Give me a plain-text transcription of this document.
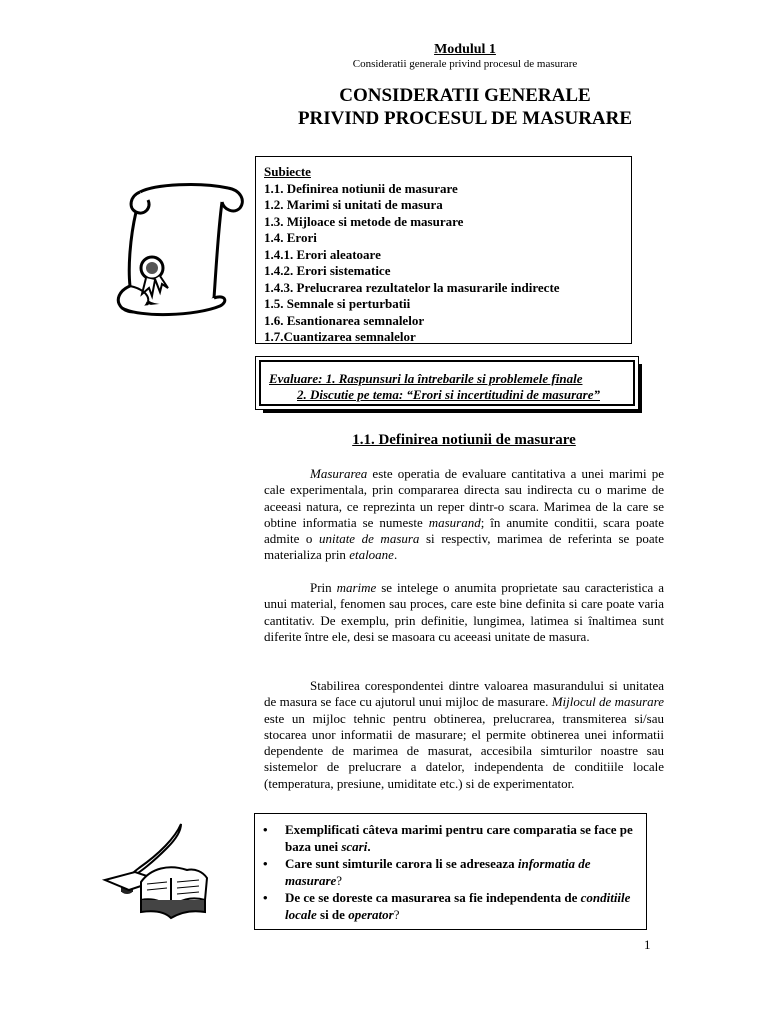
Modulul 1
Consideratii generale privind procesul de masurare
CONSIDERATII GENERALE
PRIVIND PROCESUL DE MASURARE
Subiecte
1.1. Definirea notiunii de masurare
1.2. Marimi si unitati de masura
1.3. Mijloace si metode de masurare
1.4. Erori
1.4.1. Erori aleatoare
1.4.2. Erori sistematice
1.4.3. Prelucrarea rezultatelor la masurarile indirecte
1.5. Semnale si perturbatii
1.6. Esantionarea semnalelor
1.7.Cuantizarea semnalelor
Evaluare: 1. Raspunsuri la întrebarile si problemele finale
2. Discutie pe tema: “Erori si incertitudini de masurare”
1.1. Definirea notiunii de masurare
Masurarea este operatia de evaluare cantitativa a unei marimi pe cale experimentala, prin compararea directa sau indirecta cu o marime de aceeasi natura, ce reprezinta un reper dintr-o scara. Marimea de la care se obtine informatia se numeste masurand; în anumite conditii, scara poate admite o unitate de masura si respectiv, marimea de referinta se poate materializa prin etaloane.
Prin marime se intelege o anumita proprietate sau caracteristica a unui material, fenomen sau proces, care este bine definita si care poate varia cantitativ. De exemplu, prin definitie, lungimea, latimea si înaltimea sunt diferite între ele, desi se masoara cu aceeasi unitate de masura.
Stabilirea corespondentei dintre valoarea masurandului si unitatea de masura se face cu ajutorul unui mijloc de masurare. Mijlocul de masurare este un mijloc tehnic pentru obtinerea, prelucrarea, transmiterea si/sau stocarea unor informatii de masurare; el permite obtinerea unei informatii dependente de marimea de masurat, accesibila simturilor noastre sau sistemelor de prelucrare a datelor, independenta de conditiile locale (temperatura, presiune, umiditate etc.) si de experimentator.
• Exemplificati câteva marimi pentru care comparatia se face pe baza unei scari.
• Care sunt simturile carora li se adreseaza informatia de masurare?
• De ce se doreste ca masurarea sa fie independenta de conditiile locale si de operator?
1
